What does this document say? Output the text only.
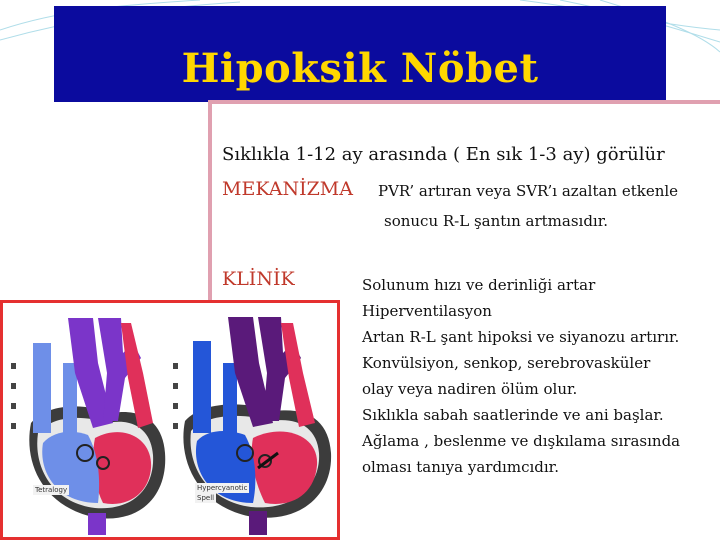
Hipoksik Nöbet
Sıklıkla 1-12 ay arasında ( En sık 1-3 ay) görülür
MEKANİZMA PVR’ artıran veya SVR’ı azaltan etkenle
sonucu R-L şantın artmasıdır.
KLİNİK	Solunum hızı ve derinliği artar
Hiperventilasyon
Artan R-L şant hipoksi ve siyanozu artırır.
Konvülsiyon, senkop, serebrovasküler
olay veya nadiren ölüm olur.
Sıklıkla sabah saatlerinde ve ani başlar.
Ağlama , beslenme ve dışkılama sırasında
olması tanıya yardımcıdır.
Tetralogy	Hypercyanotic
Spell
